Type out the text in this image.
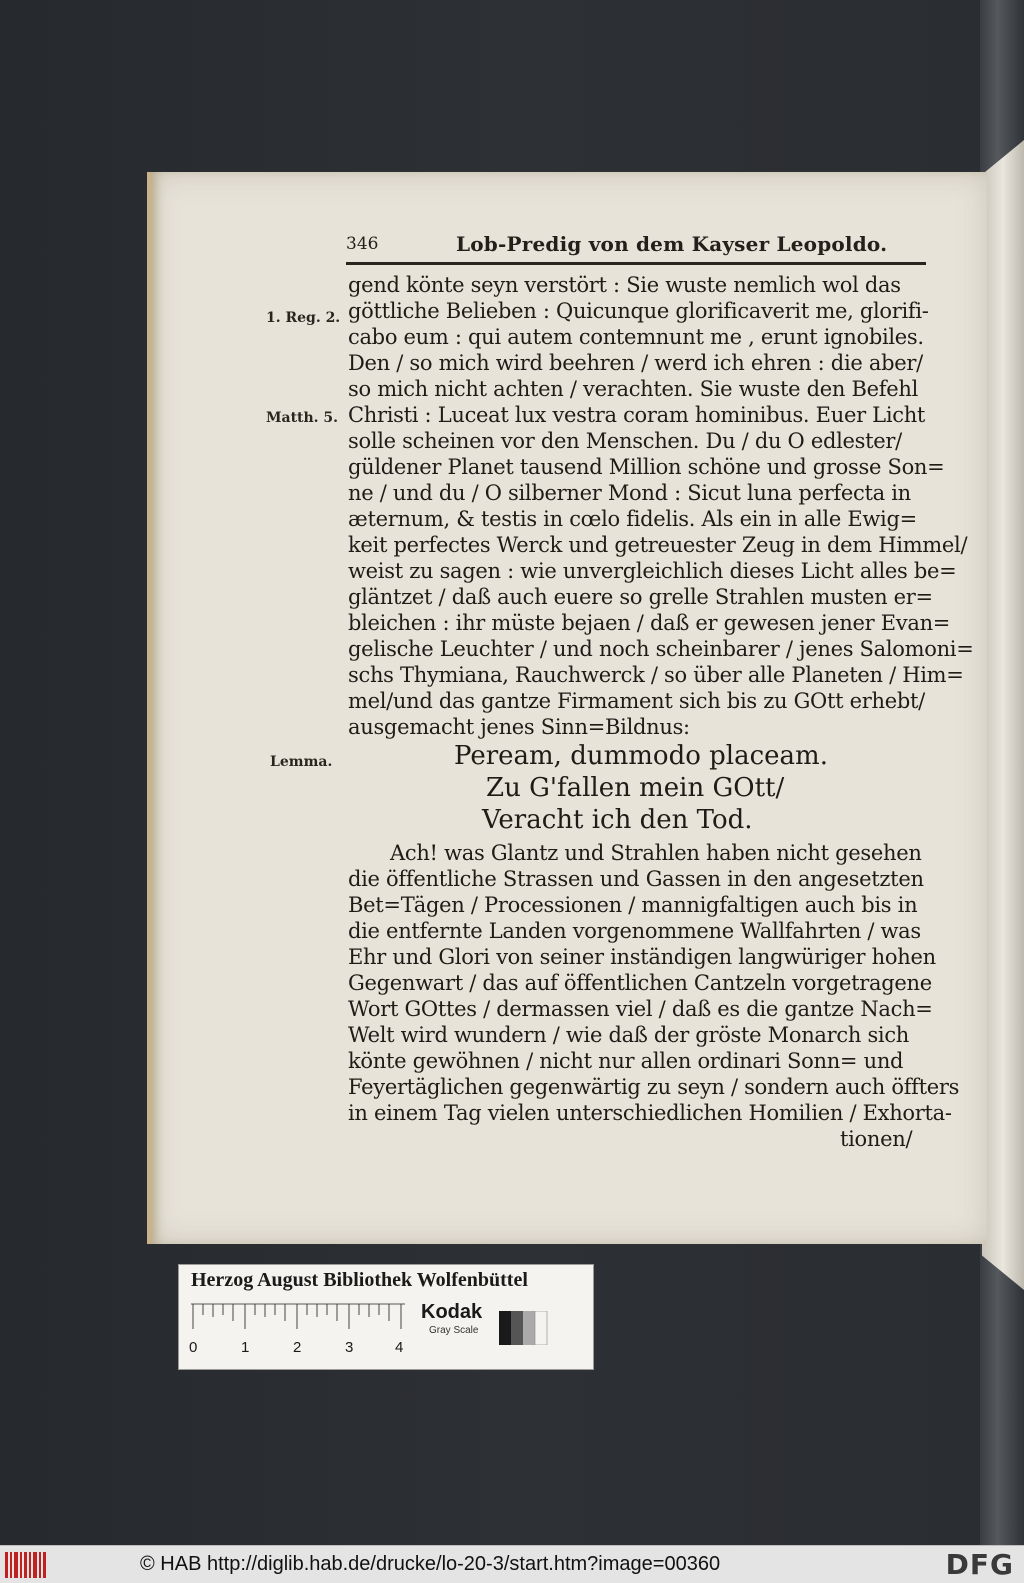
346	Lob-Predig von dem Kayser Leopoldo.
1. Reg. 2.
Matth. 5.
Lemma.
gend könte seyn verstört : Sie wuste nemlich wol das
göttliche Belieben : Quicunque glorificaverit me, glorifi-
cabo eum : qui autem contemnunt me , erunt ignobiles.
Den / so mich wird beehren / werd ich ehren : die aber/
so mich nicht achten / verachten. Sie wuste den Befehl
Christi : Luceat lux vestra coram hominibus. Euer Licht
solle scheinen vor den Menschen. Du / du O edlester/
güldener Planet tausend Million schöne und grosse Son=
ne / und du / O silberner Mond : Sicut luna perfecta in
æternum, & testis in cœlo fidelis. Als ein in alle Ewig=
keit perfectes Werck und getreuester Zeug in dem Himmel/
weist zu sagen : wie unvergleichlich dieses Licht alles be=
gläntzet / daß auch euere so grelle Strahlen musten er=
bleichen : ihr müste bejaen / daß er gewesen jener Evan=
gelische Leuchter / und noch scheinbarer / jenes Salomoni=
schs Thymiana, Rauchwerck / so über alle Planeten / Him=
mel/und das gantze Firmament sich bis zu GOtt erhebt/
ausgemacht jenes Sinn=Bildnus:
Peream, dummodo placeam.
Zu G'fallen mein GOtt/
Veracht ich den Tod.
Ach! was Glantz und Strahlen haben nicht gesehen
die öffentliche Strassen und Gassen in den angesetzten
Bet=Tägen / Processionen / mannigfaltigen auch bis in
die entfernte Landen vorgenommene Wallfahrten / was
Ehr und Glori von seiner inständigen langwüriger hohen
Gegenwart / das auf öffentlichen Cantzeln vorgetragene
Wort GOttes / dermassen viel / daß es die gantze Nach=
Welt wird wundern / wie daß der gröste Monarch sich
könte gewöhnen / nicht nur allen ordinari Sonn= und
Feyertäglichen gegenwärtig zu seyn / sondern auch öffters
in einem Tag vielen unterschiedlichen Homilien / Exhorta-
tionen/
Herzog August Bibliothek Wolfenbüttel
0	1	2	3	4
Kodak
Gray Scale
© HAB http://diglib.hab.de/drucke/lo-20-3/start.htm?image=00360	DFG
